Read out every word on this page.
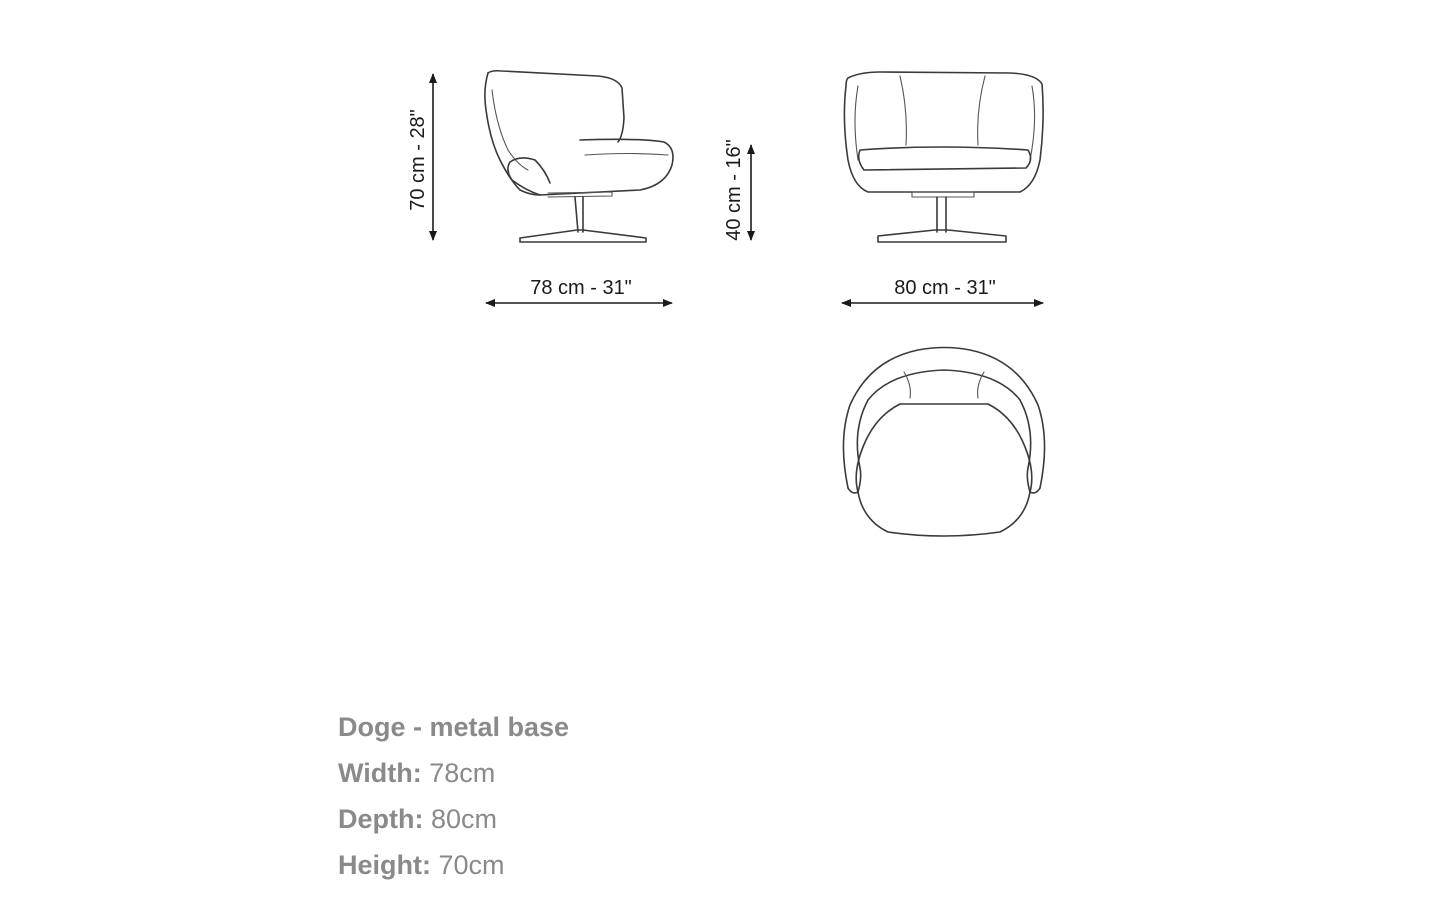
70 cm - 28"
78 cm - 31"
40 cm - 16"
80 cm - 31"
Doge - metal base
Width: 78cm
Depth: 80cm
Height: 70cm
